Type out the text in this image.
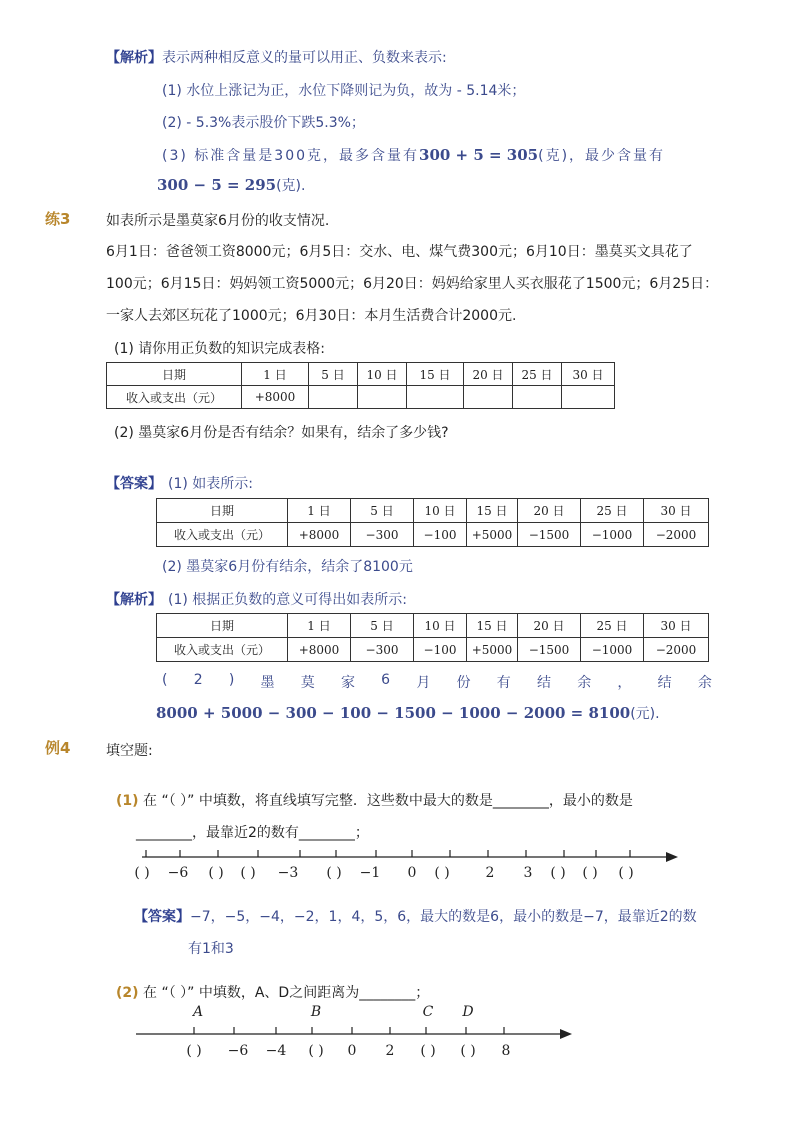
【解析】表示两种相反意义的量可以用正、负数来表示:
(1) 水位上涨记为正，水位下降则记为负，故为 - 5.14米；
(2) - 5.3%表示股价下跌5.3%；
(3) 标准含量是300克，最多含量有300 + 5 = 305(克)，最少含量有
300 − 5 = 295(克).
练3	如表所示是墨莫家6月份的收支情况.
6月1日：爸爸领工资8000元；6月5日：交水、电、煤气费300元；6月10日：墨莫买文具花了
100元；6月15日：妈妈领工资5000元；6月20日：妈妈给家里人买衣服花了1500元；6月25日：
一家人去郊区玩花了1000元；6月30日：本月生活费合计2000元.
(1) 请你用正负数的知识完成表格:
日期	1 日	5 日	10 日	15 日	20 日	25 日	30 日
收入或支出（元）	+8000						
(2) 墨莫家6月份是否有结余？如果有，结余了多少钱?
【答案】 (1) 如表所示:
日期	1 日	5 日	10 日	15 日	20 日	25 日	30 日
收入或支出（元）	+8000	−300	−100	+5000	−1500	−1000	−2000
(2) 墨莫家6月份有结余，结余了8100元
【解析】 (1) 根据正负数的意义可得出如表所示:
日期	1 日	5 日	10 日	15 日	20 日	25 日	30 日
收入或支出（元）	+8000	−300	−100	+5000	−1500	−1000	−2000
( 2 ) 墨 莫 家 6 月 份 有 结 余 ， 结 余
8000 + 5000 − 300 − 100 − 1500 − 1000 − 2000 = 8100(元).
例4	填空题:
(1) 在 “（ ）” 中填数，将直线填写完整．这些数中最大的数是________，最小的数是
________，最靠近2的数有________；
( ) −6 ( ) ( ) −3 ( ) −1 0 ( )	2 3 ( ) ( ) ( )
【答案】−7，−5，−4，−2，1，4，5，6，最大的数是6，最小的数是−7，最靠近2的数
有1和3
(2) 在 “（ ）” 中填数，A、D之间距离为________；
A	B	C D
( ) −6 −4 ( ) 0 2 ( ) ( ) 8
